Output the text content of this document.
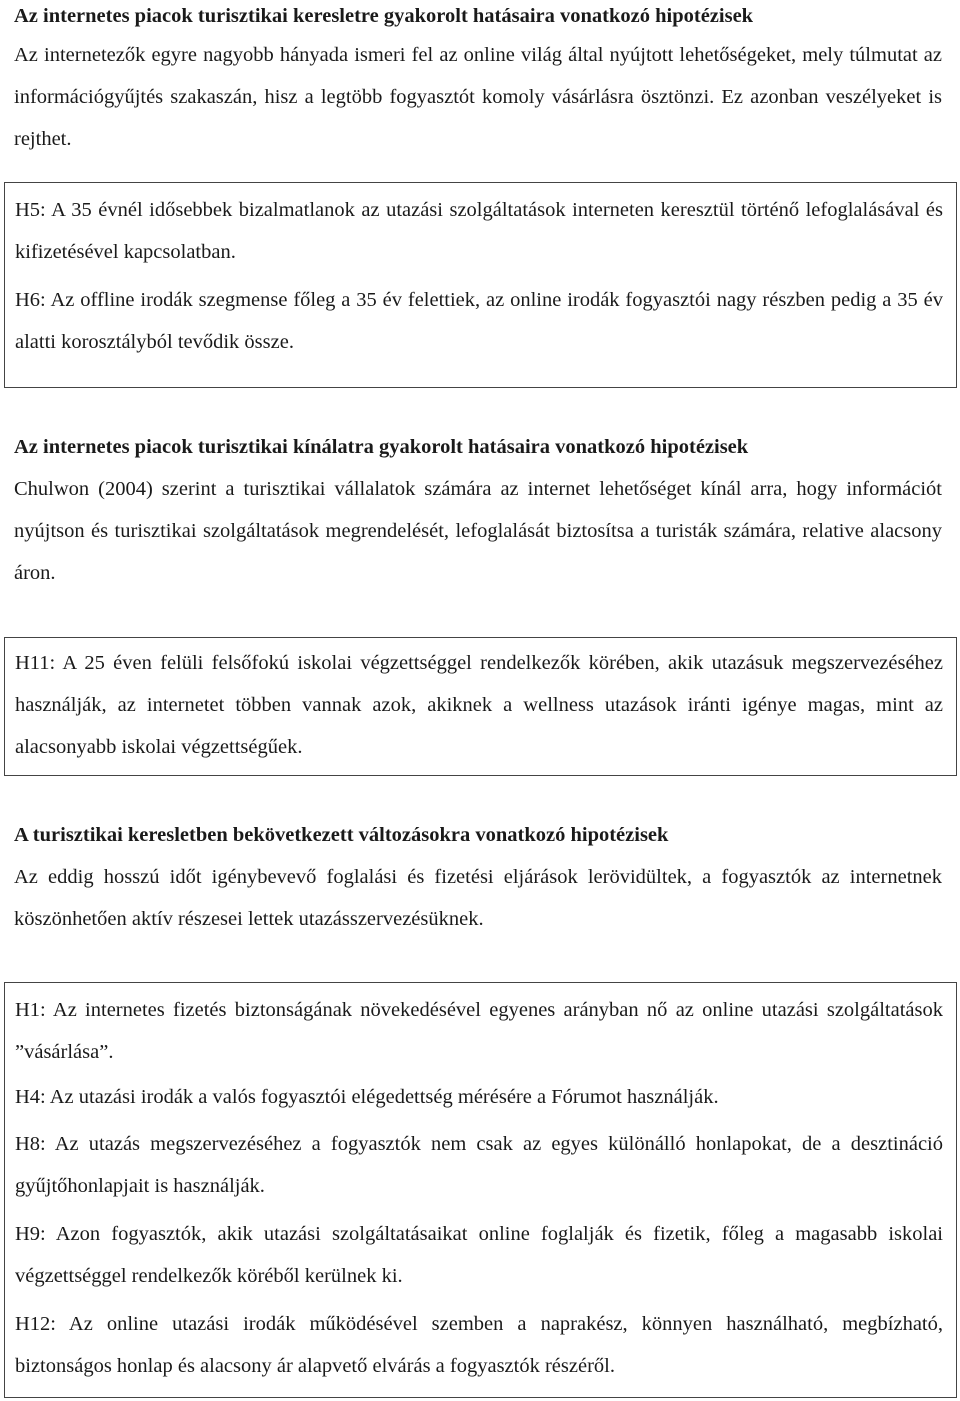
Az internetes piacok turisztikai keresletre gyakorolt hatásaira vonatkozó hipotézisek

Az internetezők egyre nagyobb hányada ismeri fel az online világ által nyújtott lehetőségeket, mely túlmutat az információgyűjtés szakaszán, hisz a legtöbb fogyasztót komoly vásárlásra ösztönzi. Ez azonban veszélyeket is rejthet.

H5: A 35 évnél idősebbek bizalmatlanok az utazási szolgáltatások interneten keresztül történő lefoglalásával és kifizetésével kapcsolatban.

H6: Az offline irodák szegmense főleg a 35 év felettiek, az online irodák fogyasztói nagy részben pedig a 35 év alatti korosztályból tevődik össze.

Az internetes piacok turisztikai kínálatra gyakorolt hatásaira vonatkozó hipotézisek

Chulwon (2004) szerint a turisztikai vállalatok számára az internet lehetőséget kínál arra, hogy információt nyújtson és turisztikai szolgáltatások megrendelését, lefoglalását biztosítsa a turisták számára, relative alacsony áron.

H11: A 25 éven felüli felsőfokú iskolai végzettséggel rendelkezők körében, akik utazásuk megszervezéséhez használják, az internetet többen vannak azok, akiknek a wellness utazások iránti igénye magas, mint az alacsonyabb iskolai végzettségűek.

A turisztikai keresletben bekövetkezett változásokra vonatkozó hipotézisek

Az eddig hosszú időt igénybevevő foglalási és fizetési eljárások lerövidültek, a fogyasztók az internetnek köszönhetően aktív részesei lettek utazásszervezésüknek.

H1: Az internetes fizetés biztonságának növekedésével egyenes arányban nő az online utazási szolgáltatások ”vásárlása”.

H4: Az utazási irodák a valós fogyasztói elégedettség mérésére a Fórumot használják.

H8: Az utazás megszervezéséhez a fogyasztók nem csak az egyes különálló honlapokat, de a desztináció gyűjtőhonlapjait is használják.

H9: Azon fogyasztók, akik utazási szolgáltatásaikat online foglalják és fizetik, főleg a magasabb iskolai végzettséggel rendelkezők köréből kerülnek ki.

H12: Az online utazási irodák működésével szemben a naprakész, könnyen használható, megbízható, biztonságos honlap és alacsony ár alapvető elvárás a fogyasztók részéről.
